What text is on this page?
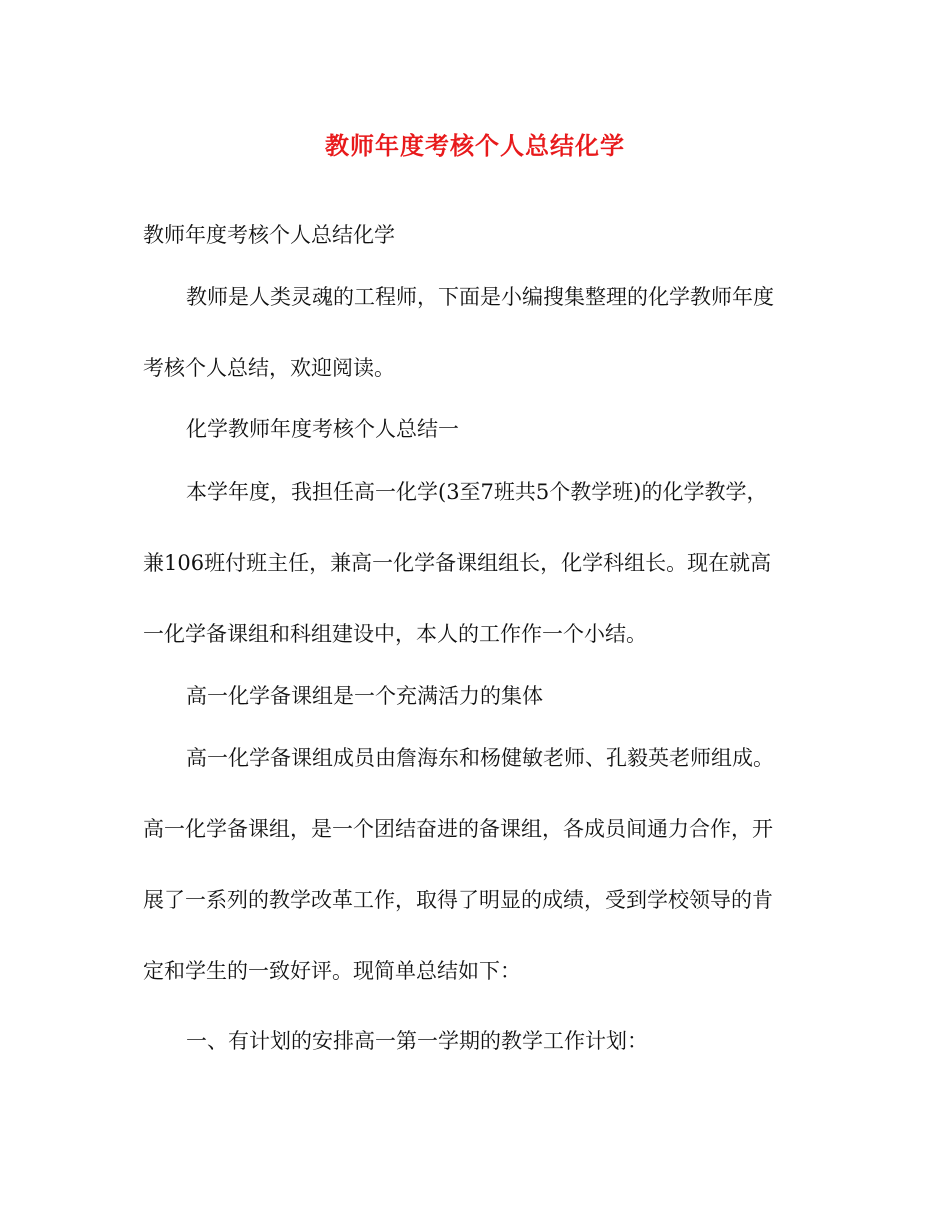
教师年度考核个人总结化学
教师年度考核个人总结化学
教师是人类灵魂的工程师，下面是小编搜集整理的化学教师年度
考核个人总结，欢迎阅读。
化学教师年度考核个人总结一
本学年度，我担任高一化学(3至7班共5个教学班)的化学教学，
兼106班付班主任，兼高一化学备课组组长，化学科组长。现在就高
一化学备课组和科组建设中，本人的工作作一个小结。
高一化学备课组是一个充满活力的集体
高一化学备课组成员由詹海东和杨健敏老师、孔毅英老师组成。
高一化学备课组，是一个团结奋进的备课组，各成员间通力合作，开
展了一系列的教学改革工作，取得了明显的成绩，受到学校领导的肯
定和学生的一致好评。现简单总结如下：
一、有计划的安排高一第一学期的教学工作计划：
